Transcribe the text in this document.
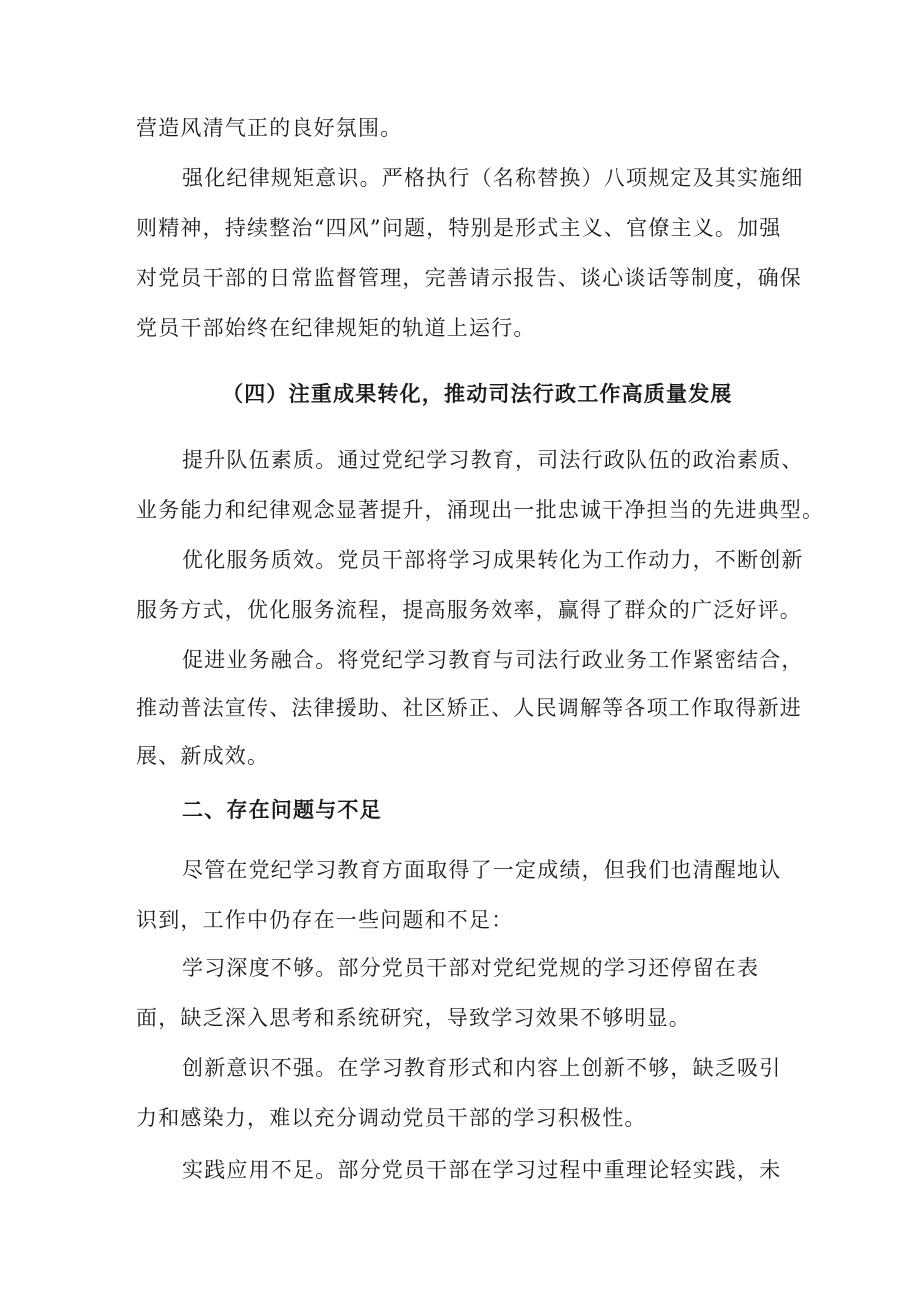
营造风清气正的良好氛围。
强化纪律规矩意识。严格执行（名称替换）八项规定及其实施细
则精神，持续整治“四风”问题，特别是形式主义、官僚主义。加强
对党员干部的日常监督管理，完善请示报告、谈心谈话等制度，确保
党员干部始终在纪律规矩的轨道上运行。
（四）注重成果转化，推动司法行政工作高质量发展
提升队伍素质。通过党纪学习教育，司法行政队伍的政治素质、
业务能力和纪律观念显著提升，涌现出一批忠诚干净担当的先进典型。
优化服务质效。党员干部将学习成果转化为工作动力，不断创新
服务方式，优化服务流程，提高服务效率，赢得了群众的广泛好评。
促进业务融合。将党纪学习教育与司法行政业务工作紧密结合，
推动普法宣传、法律援助、社区矫正、人民调解等各项工作取得新进
展、新成效。
二、存在问题与不足
尽管在党纪学习教育方面取得了一定成绩，但我们也清醒地认
识到，工作中仍存在一些问题和不足：
学习深度不够。部分党员干部对党纪党规的学习还停留在表
面，缺乏深入思考和系统研究，导致学习效果不够明显。
创新意识不强。在学习教育形式和内容上创新不够，缺乏吸引
力和感染力，难以充分调动党员干部的学习积极性。
实践应用不足。部分党员干部在学习过程中重理论轻实践，未
